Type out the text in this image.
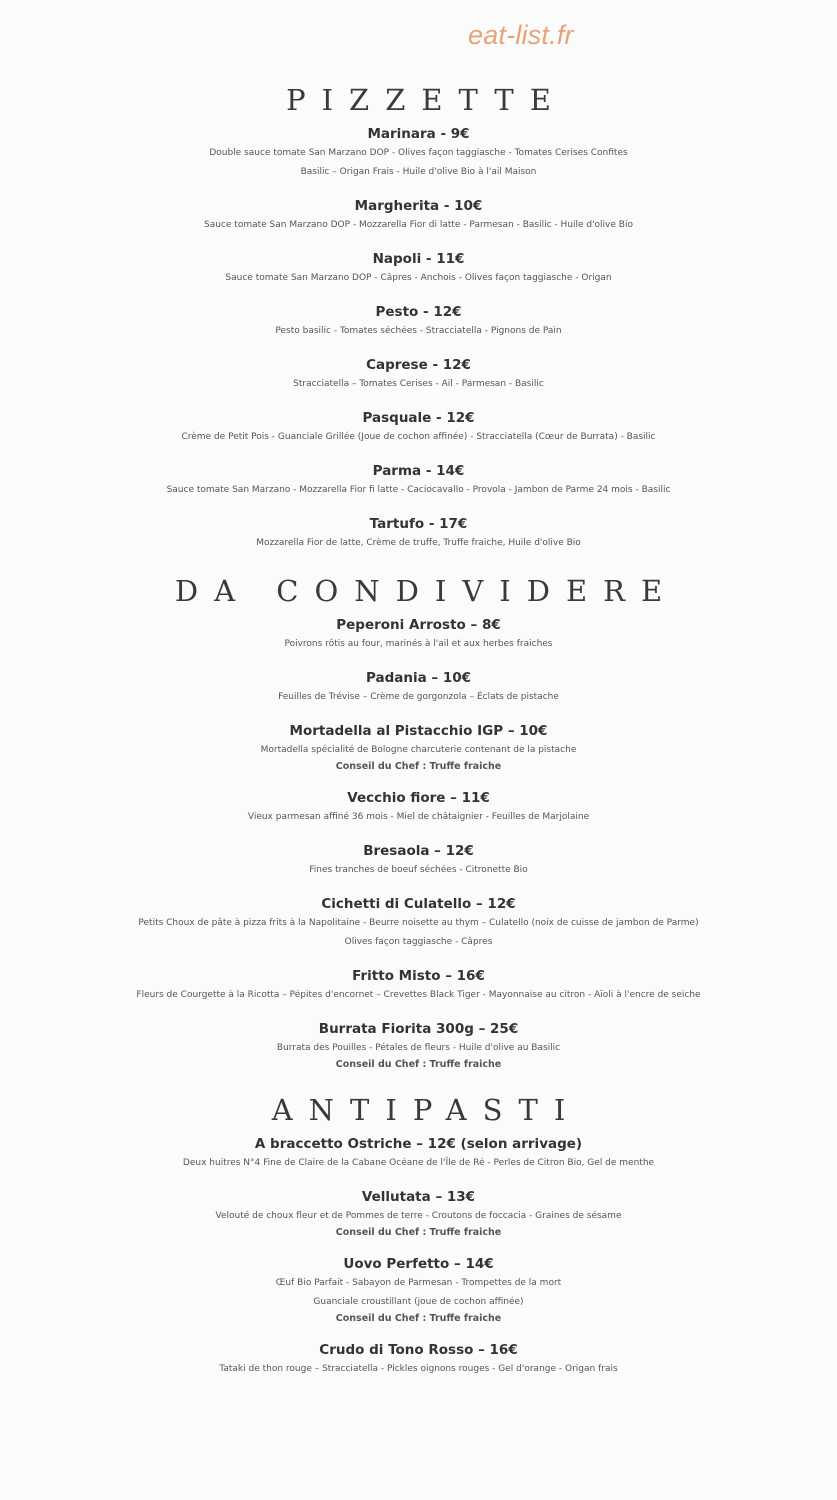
eat-list.fr
PIZZETTE
Marinara - 9€
Double sauce tomate San Marzano DOP - Olives façon taggiasche - Tomates Cerises Confites
Basilic – Origan Frais - Huile d'olive Bio à l'ail Maison
Margherita - 10€
Sauce tomate San Marzano DOP - Mozzarella Fior di latte - Parmesan - Basilic - Huile d'olive Bio
Napoli - 11€
Sauce tomate San Marzano DOP - Câpres - Anchois - Olives façon taggiasche - Origan
Pesto - 12€
Pesto basilic - Tomates séchées - Stracciatella - Pignons de Pain
Caprese - 12€
Stracciatella – Tomates Cerises - Ail - Parmesan - Basilic
Pasquale - 12€
Crème de Petit Pois - Guanciale Grillée (Joue de cochon affinée) - Stracciatella (Cœur de Burrata) - Basilic
Parma - 14€
Sauce tomate San Marzano - Mozzarella Fior fi latte - Caciocavallo - Provola - Jambon de Parme 24 mois - Basilic
Tartufo - 17€
Mozzarella Fior de latte, Crème de truffe, Truffe fraiche, Huile d'olive Bio
DA CONDIVIDERE
Peperoni Arrosto – 8€
Poivrons rôtis au four, marinés à l'ail et aux herbes fraiches
Padania – 10€
Feuilles de Trévise – Crème de gorgonzola – Éclats de pistache
Mortadella al Pistacchio IGP – 10€
Mortadella spécialité de Bologne charcuterie contenant de la pistache
Conseil du Chef : Truffe fraiche
Vecchio fiore – 11€
Vieux parmesan affiné 36 mois - Miel de châtaignier - Feuilles de Marjolaine
Bresaola – 12€
Fines tranches de boeuf séchées - Citronette Bio
Cichetti di Culatello – 12€
Petits Choux de pâte à pizza frits à la Napolitaine - Beurre noisette au thym – Culatello (noix de cuisse de jambon de Parme)
Olives façon taggiasche - Câpres
Fritto Misto – 16€
Fleurs de Courgette à la Ricotta – Pépites d'encornet – Crevettes Black Tiger - Mayonnaise au citron - Aïoli à l'encre de seiche
Burrata Fiorita 300g – 25€
Burrata des Pouilles - Pétales de fleurs - Huile d'olive au Basilic
Conseil du Chef : Truffe fraiche
ANTIPASTI
A braccetto Ostriche – 12€ (selon arrivage)
Deux huitres N°4 Fine de Claire de la Cabane Océane de l'Île de Ré - Perles de Citron Bio, Gel de menthe
Vellutata – 13€
Velouté de choux fleur et de Pommes de terre - Croutons de foccacia - Graines de sésame
Conseil du Chef : Truffe fraiche
Uovo Perfetto – 14€
Œuf Bio Parfait - Sabayon de Parmesan - Trompettes de la mort
Guanciale croustillant (joue de cochon affinée)
Conseil du Chef : Truffe fraiche
Crudo di Tono Rosso – 16€
Tataki de thon rouge – Stracciatella - Pickles oignons rouges - Gel d'orange - Origan frais
